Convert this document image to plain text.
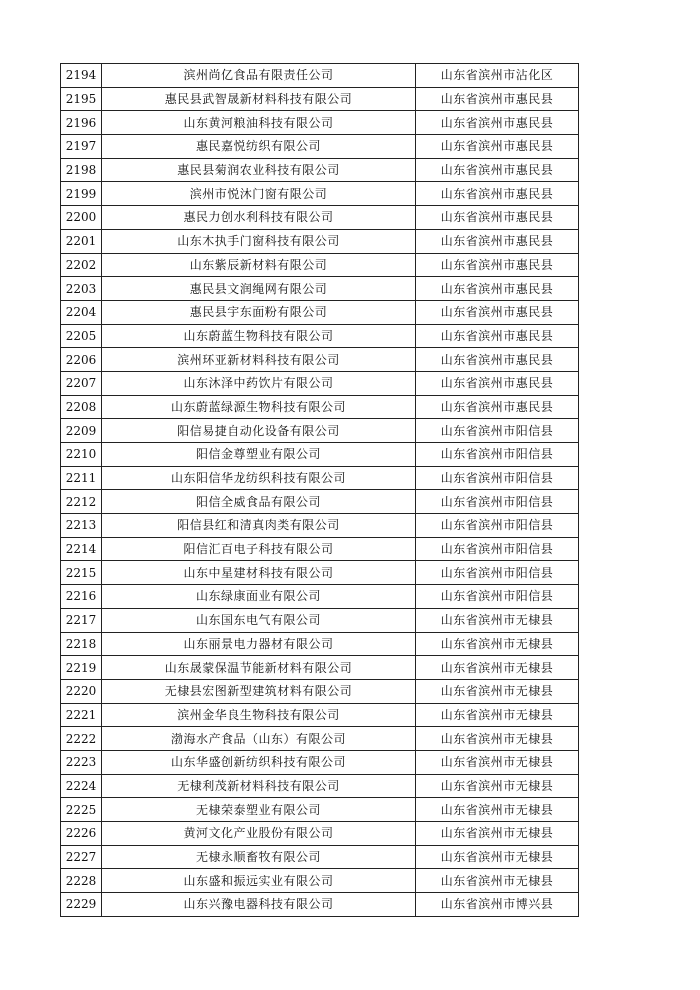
2194	滨州尚亿食品有限责任公司	山东省滨州市沾化区
2195	惠民县武智晟新材料科技有限公司	山东省滨州市惠民县
2196	山东黄河粮油科技有限公司	山东省滨州市惠民县
2197	惠民嘉悦纺织有限公司	山东省滨州市惠民县
2198	惠民县菊润农业科技有限公司	山东省滨州市惠民县
2199	滨州市悦沐门窗有限公司	山东省滨州市惠民县
2200	惠民力创水利科技有限公司	山东省滨州市惠民县
2201	山东木执手门窗科技有限公司	山东省滨州市惠民县
2202	山东紫辰新材料有限公司	山东省滨州市惠民县
2203	惠民县文润绳网有限公司	山东省滨州市惠民县
2204	惠民县宇东面粉有限公司	山东省滨州市惠民县
2205	山东蔚蓝生物科技有限公司	山东省滨州市惠民县
2206	滨州环亚新材料科技有限公司	山东省滨州市惠民县
2207	山东沐泽中药饮片有限公司	山东省滨州市惠民县
2208	山东蔚蓝绿源生物科技有限公司	山东省滨州市惠民县
2209	阳信易捷自动化设备有限公司	山东省滨州市阳信县
2210	阳信金尊塑业有限公司	山东省滨州市阳信县
2211	山东阳信华龙纺织科技有限公司	山东省滨州市阳信县
2212	阳信全威食品有限公司	山东省滨州市阳信县
2213	阳信县红和清真肉类有限公司	山东省滨州市阳信县
2214	阳信汇百电子科技有限公司	山东省滨州市阳信县
2215	山东中星建材科技有限公司	山东省滨州市阳信县
2216	山东绿康面业有限公司	山东省滨州市阳信县
2217	山东国东电气有限公司	山东省滨州市无棣县
2218	山东丽景电力器材有限公司	山东省滨州市无棣县
2219	山东晟蒙保温节能新材料有限公司	山东省滨州市无棣县
2220	无棣县宏图新型建筑材料有限公司	山东省滨州市无棣县
2221	滨州金华良生物科技有限公司	山东省滨州市无棣县
2222	渤海水产食品（山东）有限公司	山东省滨州市无棣县
2223	山东华盛创新纺织科技有限公司	山东省滨州市无棣县
2224	无棣利茂新材料科技有限公司	山东省滨州市无棣县
2225	无棣荣泰塑业有限公司	山东省滨州市无棣县
2226	黄河文化产业股份有限公司	山东省滨州市无棣县
2227	无棣永顺畜牧有限公司	山东省滨州市无棣县
2228	山东盛和振远实业有限公司	山东省滨州市无棣县
2229	山东兴豫电器科技有限公司	山东省滨州市博兴县
